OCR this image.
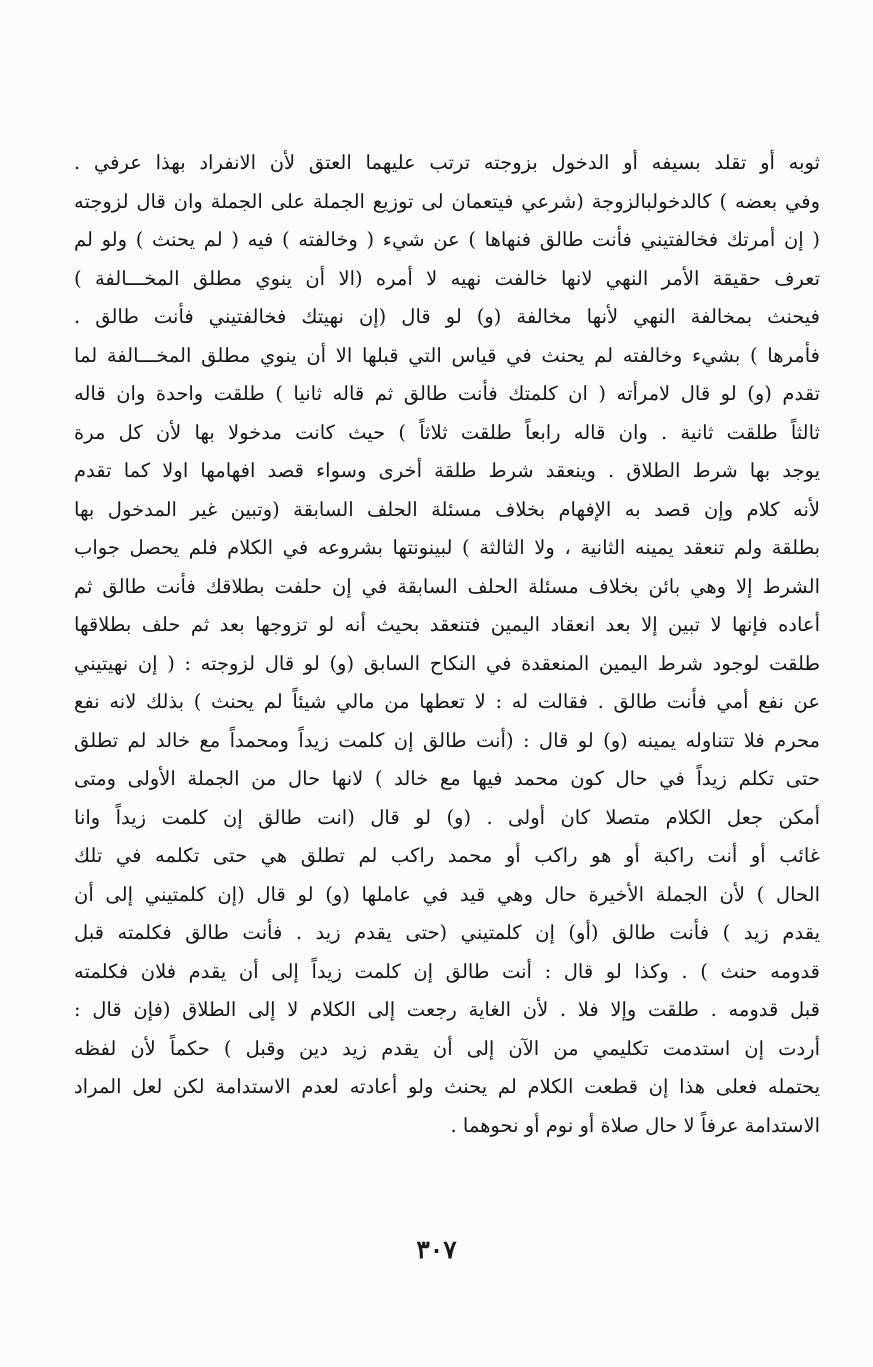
ثوبه أو تقلد بسيفه أو الدخول بزوجته ترتب عليهما العتق لأن الانفراد بهذا عرفي .
وفي بعضه ) كالدخولبالزوجة (شرعي فيتعمان لى توزيع الجملة على الجملة وان قال لزوجته
( إن أمرتك فخالفتيني فأنت طالق فنهاها ) عن شيء ( وخالفته ) فيه ( لم يحنث ) ولو لم
تعرف حقيقة الأمر النهي لانها خالفت نهيه لا أمره (الا أن ينوي مطلق المخـــالفة )
فيحنث بمخالفة النهي لأنها مخالفة (و) لو قال (إن نهيتك فخالفتيني فأنت طالق .
فأمرها ) بشيء وخالفته لم يحنث في قياس التي قبلها الا أن ينوي مطلق المخـــالفة لما
تقدم (و) لو قال لامرأته ( ان كلمتك فأنت طالق ثم قاله ثانيا ) طلقت واحدة وان قاله
ثالثاً طلقت ثانية . وان قاله رابعاً طلقت ثلاثاً ) حيث كانت مدخولا بها لأن كل مرة
يوجد بها شرط الطلاق . وينعقد شرط طلقة أخرى وسواء قصد افهامها اولا كما تقدم
لأنه كلام وإن قصد به الإفهام بخلاف مسئلة الحلف السابقة (وتبين غير المدخول بها
بطلقة ولم تنعقد يمينه الثانية ، ولا الثالثة ) لبينونتها بشروعه في الكلام فلم يحصل جواب
الشرط إلا وهي بائن بخلاف مسئلة الحلف السابقة في إن حلفت بطلاقك فأنت طالق ثم
أعاده فإنها لا تبين إلا بعد انعقاد اليمين فتنعقد بحيث أنه لو تزوجها بعد ثم حلف بطلاقها
طلقت لوجود شرط اليمين المنعقدة في النكاح السابق (و) لو قال لزوجته : ( إن نهيتيني
عن نفع أمي فأنت طالق . فقالت له : لا تعطها من مالي شيئاً لم يحنث ) بذلك لانه نفع
محرم فلا تتناوله يمينه (و) لو قال : (أنت طالق إن كلمت زيداً ومحمداً مع خالد لم تطلق
حتى تكلم زيداً في حال كون محمد فيها مع خالد ) لانها حال من الجملة الأولى ومتى
أمكن جعل الكلام متصلا كان أولى . (و) لو قال (انت طالق إن كلمت زيداً وانا
غائب أو أنت راكبة أو هو راكب أو محمد راكب لم تطلق هي حتى تكلمه في تلك
الحال ) لأن الجملة الأخيرة حال وهي قيد في عاملها (و) لو قال (إن كلمتيني إلى أن
يقدم زيد ) فأنت طالق (أو) إن كلمتيني (حتى يقدم زيد . فأنت طالق فكلمته قبل
قدومه حنث ) . وكذا لو قال : أنت طالق إن كلمت زيداً إلى أن يقدم فلان فكلمته
قبل قدومه . طلقت وإلا فلا . لأن الغاية رجعت إلى الكلام لا إلى الطلاق (فإن قال :
أردت إن استدمت تكليمي من الآن إلى أن يقدم زيد دين وقبل ) حكماً لأن لفظه
يحتمله فعلى هذا إن قطعت الكلام لم يحنث ولو أعادته لعدم الاستدامة لكن لعل المراد
الاستدامة عرفاً لا حال صلاة أو نوم أو نحوهما .
٣٠٧
